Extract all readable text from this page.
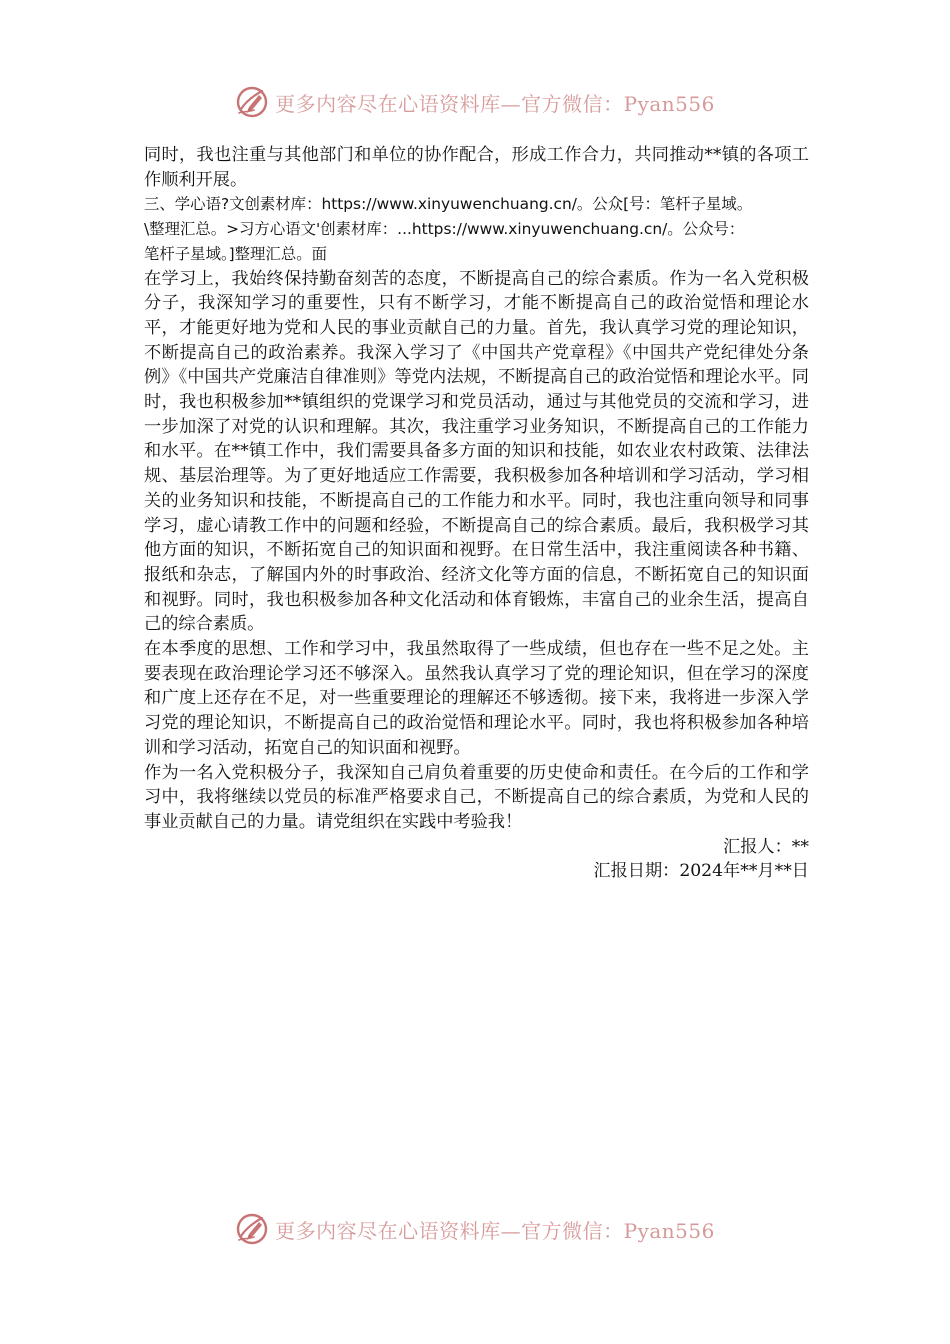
更多内容尽在心语资料库—官方微信：Pyan556

同时，我也注重与其他部门和单位的协作配合，形成工作合力，共同推动**镇的各项工作顺利开展。

三、学心语?文创素材库：https://www.xinyuwenchuang.cn/。公众[号：笔杆子星域。

\整理汇总。>习方心语文'创素材库：...https://www.xinyuwenchuang.cn/。公众号：

笔杆子星域。]整理汇总。面

在学习上，我始终保持勤奋刻苦的态度，不断提高自己的综合素质。作为一名入党积极分子，我深知学习的重要性，只有不断学习，才能不断提高自己的政治觉悟和理论水平，才能更好地为党和人民的事业贡献自己的力量。首先，我认真学习党的理论知识，不断提高自己的政治素养。我深入学习了《中国共产党章程》《中国共产党纪律处分条例》《中国共产党廉洁自律准则》等党内法规，不断提高自己的政治觉悟和理论水平。同时，我也积极参加**镇组织的党课学习和党员活动，通过与其他党员的交流和学习，进一步加深了对党的认识和理解。其次，我注重学习业务知识，不断提高自己的工作能力和水平。在**镇工作中，我们需要具备多方面的知识和技能，如农业农村政策、法律法规、基层治理等。为了更好地适应工作需要，我积极参加各种培训和学习活动，学习相关的业务知识和技能，不断提高自己的工作能力和水平。同时，我也注重向领导和同事学习，虚心请教工作中的问题和经验，不断提高自己的综合素质。最后，我积极学习其他方面的知识，不断拓宽自己的知识面和视野。在日常生活中，我注重阅读各种书籍、报纸和杂志，了解国内外的时事政治、经济文化等方面的信息，不断拓宽自己的知识面和视野。同时，我也积极参加各种文化活动和体育锻炼，丰富自己的业余生活，提高自己的综合素质。

在本季度的思想、工作和学习中，我虽然取得了一些成绩，但也存在一些不足之处。主要表现在政治理论学习还不够深入。虽然我认真学习了党的理论知识，但在学习的深度和广度上还存在不足，对一些重要理论的理解还不够透彻。接下来，我将进一步深入学习党的理论知识，不断提高自己的政治觉悟和理论水平。同时，我也将积极参加各种培训和学习活动，拓宽自己的知识面和视野。

作为一名入党积极分子，我深知自己肩负着重要的历史使命和责任。在今后的工作和学习中，我将继续以党员的标准严格要求自己，不断提高自己的综合素质，为党和人民的事业贡献自己的力量。请党组织在实践中考验我！

汇报人：**

汇报日期：2024年**月**日

更多内容尽在心语资料库—官方微信：Pyan556
